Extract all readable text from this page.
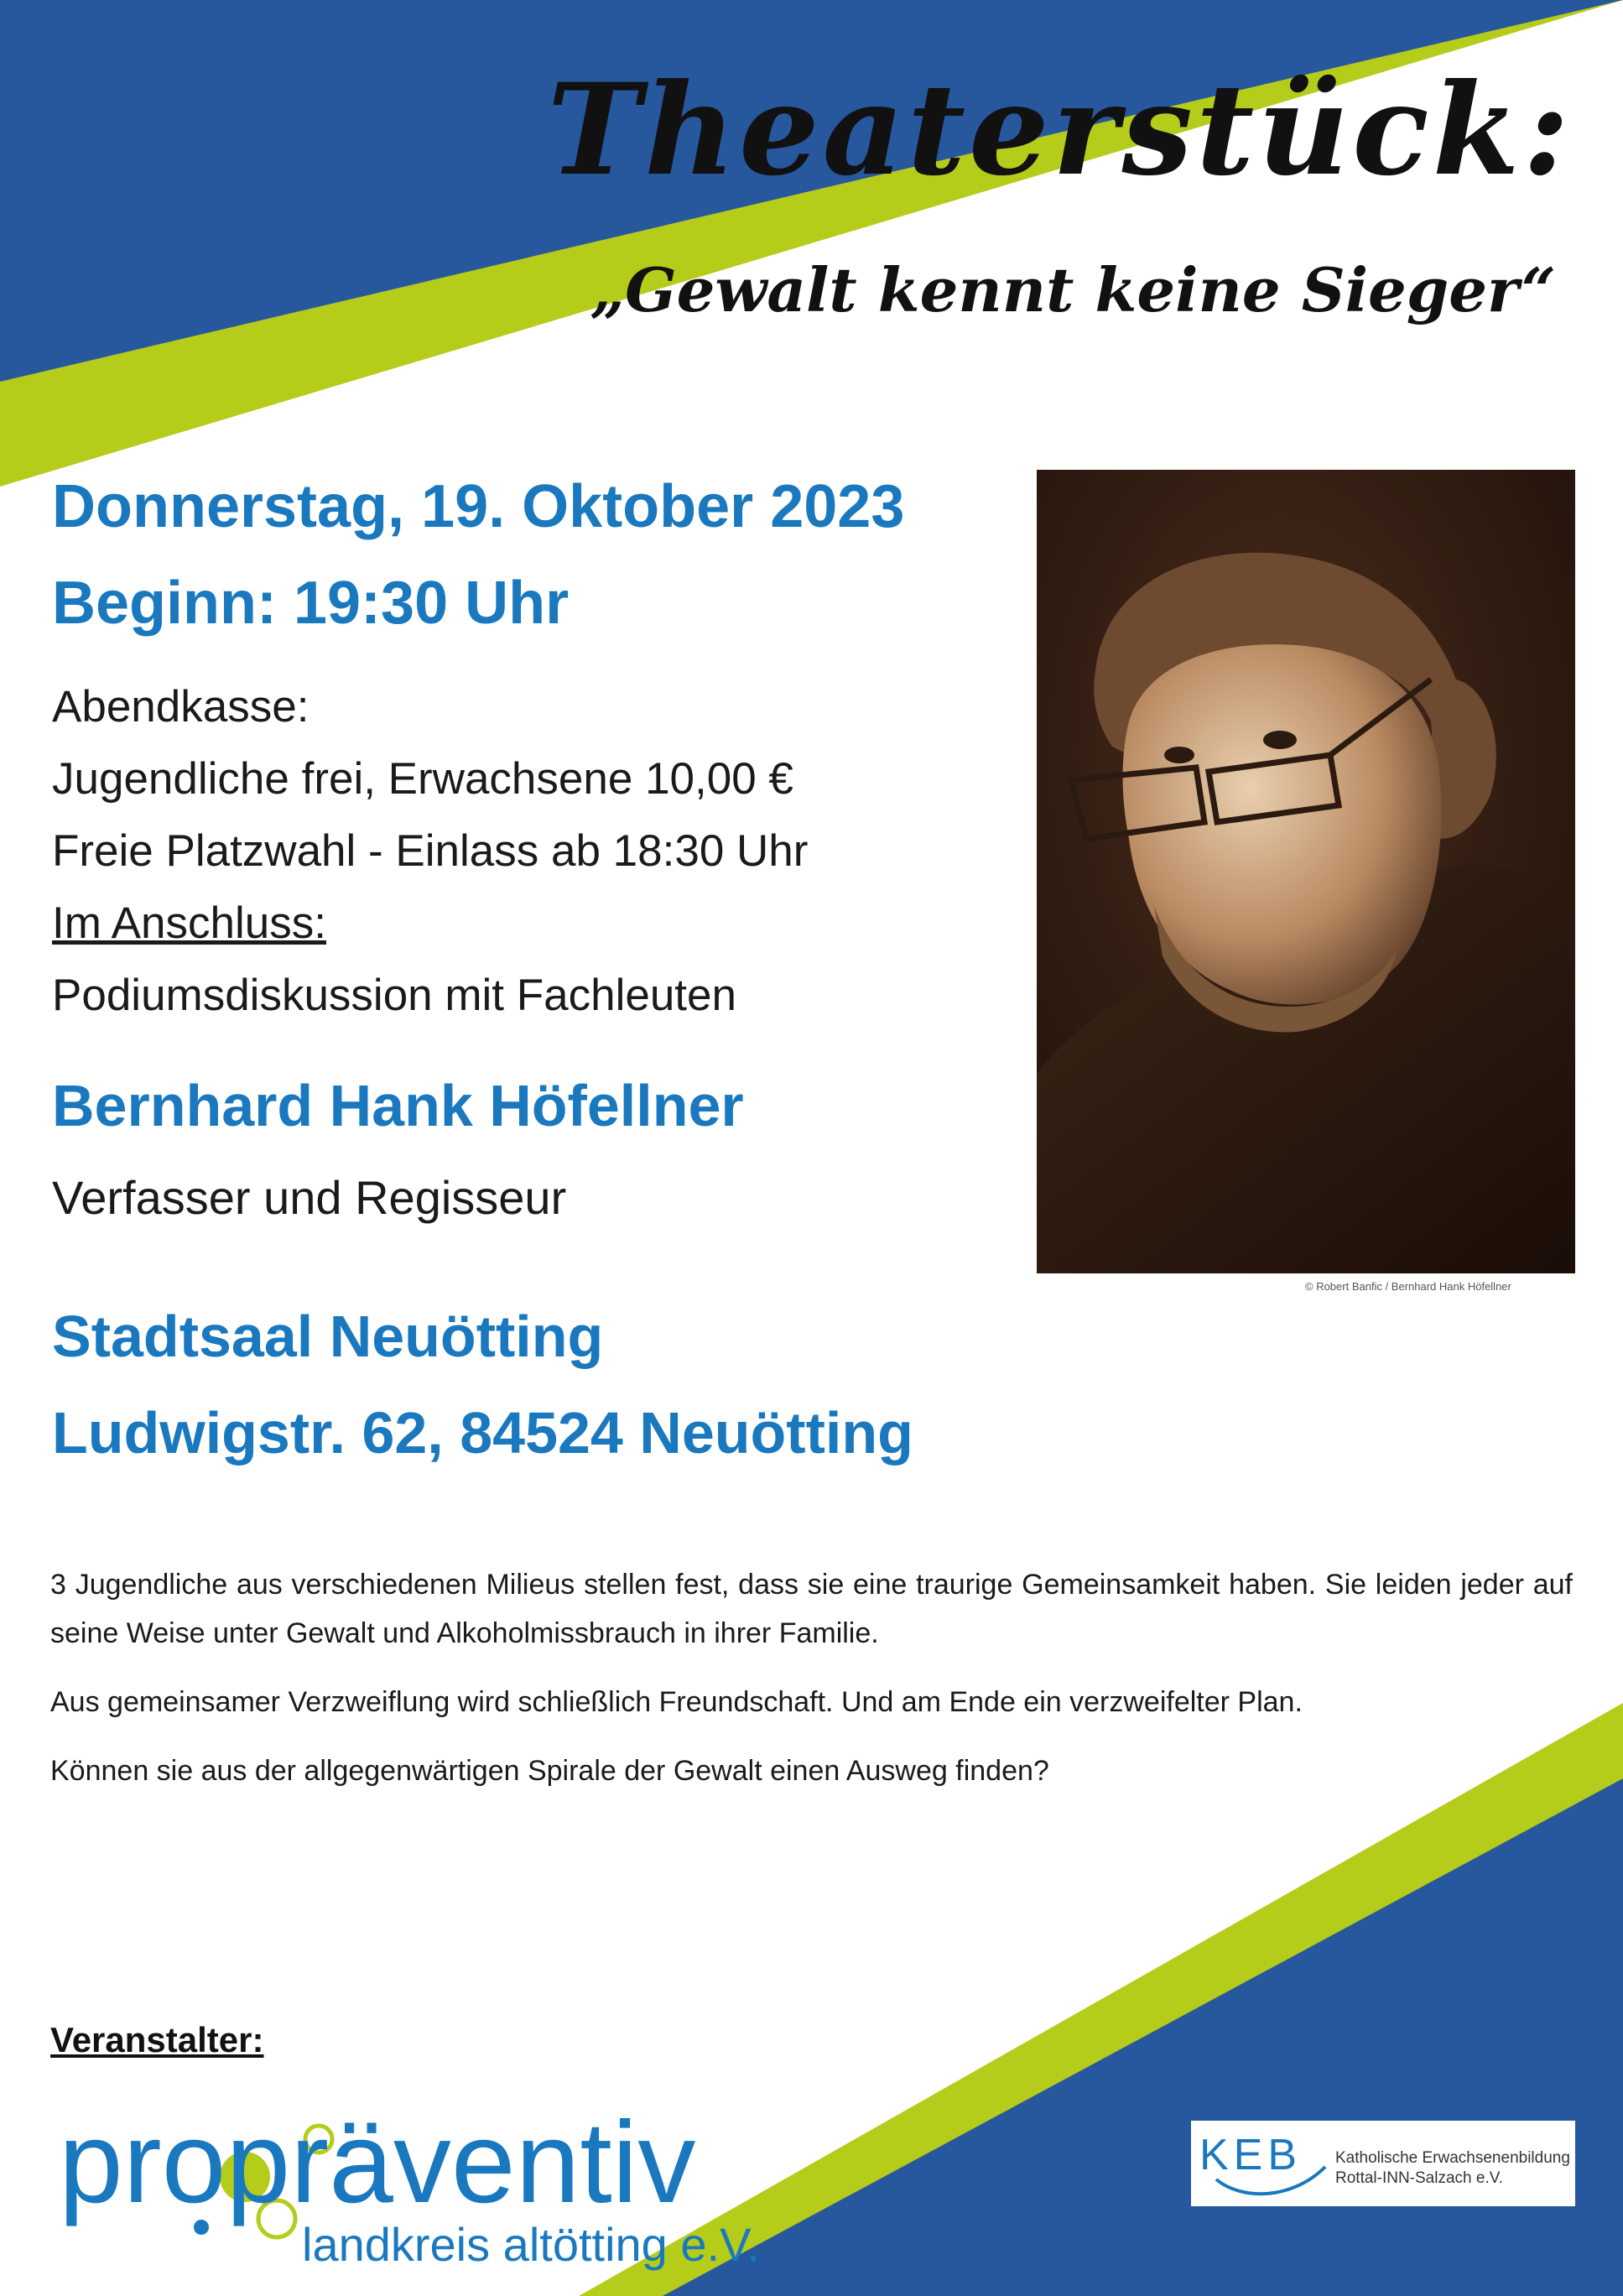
Theaterstück:
„Gewalt kennt keine Sieger“
Donnerstag, 19. Oktober 2023
Beginn: 19:30 Uhr
Abendkasse:
Jugendliche frei, Erwachsene 10,00 €
Freie Platzwahl - Einlass ab 18:30 Uhr
Im Anschluss:
Podiumsdiskussion mit Fachleuten
Bernhard Hank Höfellner
Verfasser und Regisseur
Stadtsaal Neuötting
Ludwigstr. 62, 84524 Neuötting
© Robert Banfic / Bernhard Hank Höfellner

3 Jugendliche aus verschiedenen Milieus stellen fest, dass sie eine traurige Gemeinsamkeit haben. Sie leiden jeder auf seine Weise unter Gewalt und Alkoholmissbrauch in ihrer Familie.

Aus gemeinsamer Verzweiflung wird schließlich Freundschaft. Und am Ende ein verzweifelter Plan.

Können sie aus der allgegenwärtigen Spirale der Gewalt einen Ausweg finden?

Veranstalter:
propräventiv
landkreis altötting e.V.
KEB Katholische Erwachsenenbildung
Rottal-INN-Salzach e.V.
